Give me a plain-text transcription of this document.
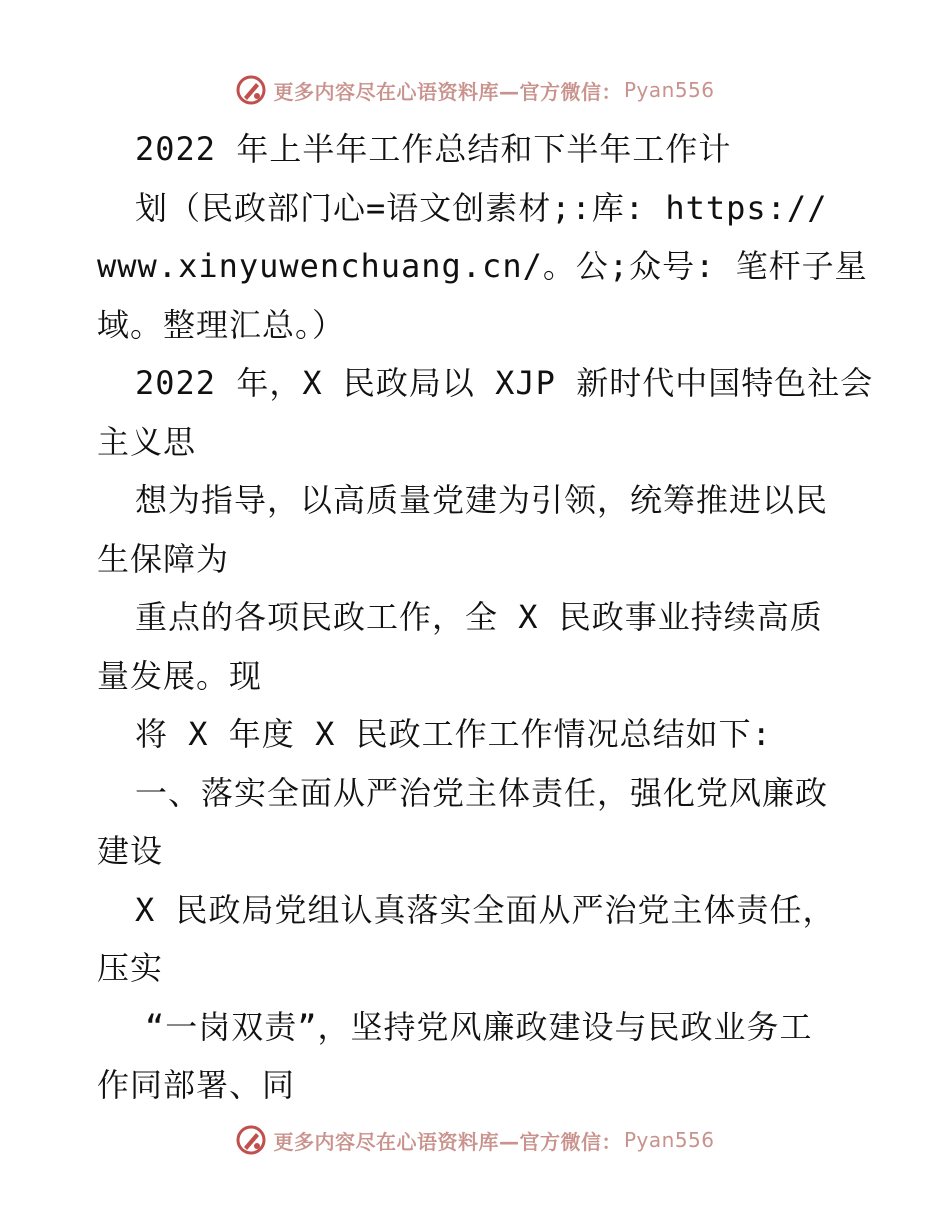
更多内容尽在心语资料库—官方微信： Pyan556
2022 年上半年工作总结和下半年工作计
划（民政部门心=语文创素材;:库: https://
www.xinyuwenchuang.cn/。公;众号: 笔杆子星
域。整理汇总。）
2022 年，X 民政局以 XJP 新时代中国特色社会
主义思
想为指导，以高质量党建为引领，统筹推进以民
生保障为
重点的各项民政工作，全 X 民政事业持续高质
量发展。现
将 X 年度 X 民政工作工作情况总结如下:
一、落实全面从严治党主体责任，强化党风廉政
建设
X 民政局党组认真落实全面从严治党主体责任，
压实
“一岗双责”，坚持党风廉政建设与民政业务工
作同部署、同
更多内容尽在心语资料库—官方微信： Pyan556
